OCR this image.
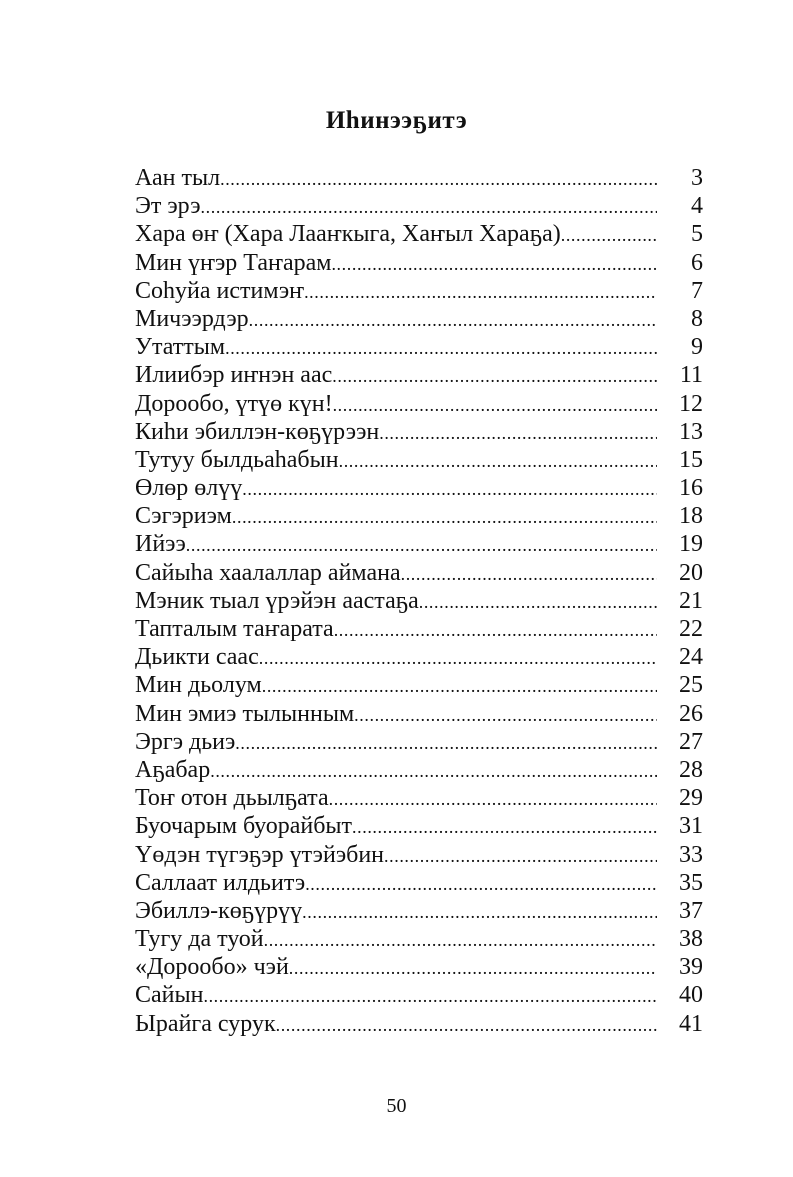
Иһинээҕитэ
Аан тыл .....	3
Эт эрэ .....	4
Хара өҥ (Хара Лааҥкыга, Хаҥыл Хараҕа) .....	5
Мин үҥэр Таҥарам .....	6
Соһуйа истимэҥ .....	7
Мичээрдэр .....	8
Утаттым .....	9
Илиибэр иҥнэн аас .....	11
Дорообо, үтүө күн! .....	12
Киһи эбиллэн-көҕүрээн .....	13
Тутуу былдьаһабын .....	15
Өлөр өлүү .....	16
Сэгэриэм .....	18
Ийээ .....	19
Сайыһа хаалаллар аймана .....	20
Мэник тыал үрэйэн аастаҕа .....	21
Тапталым таҥарата .....	22
Дьикти саас .....	24
Мин дьолум .....	25
Мин эмиэ тылынным .....	26
Эргэ дьиэ .....	27
Аҕабар .....	28
Тоҥ отон дьылҕата .....	29
Буочарым буорайбыт .....	31
Үөдэн түгэҕэр үтэйэбин .....	33
Саллаат илдьитэ .....	35
Эбиллэ-көҕүрүү .....	37
Тугу да туой .....	38
«Дорообо» чэй .....	39
Сайын .....	40
Ырайга сурук .....	41
50
